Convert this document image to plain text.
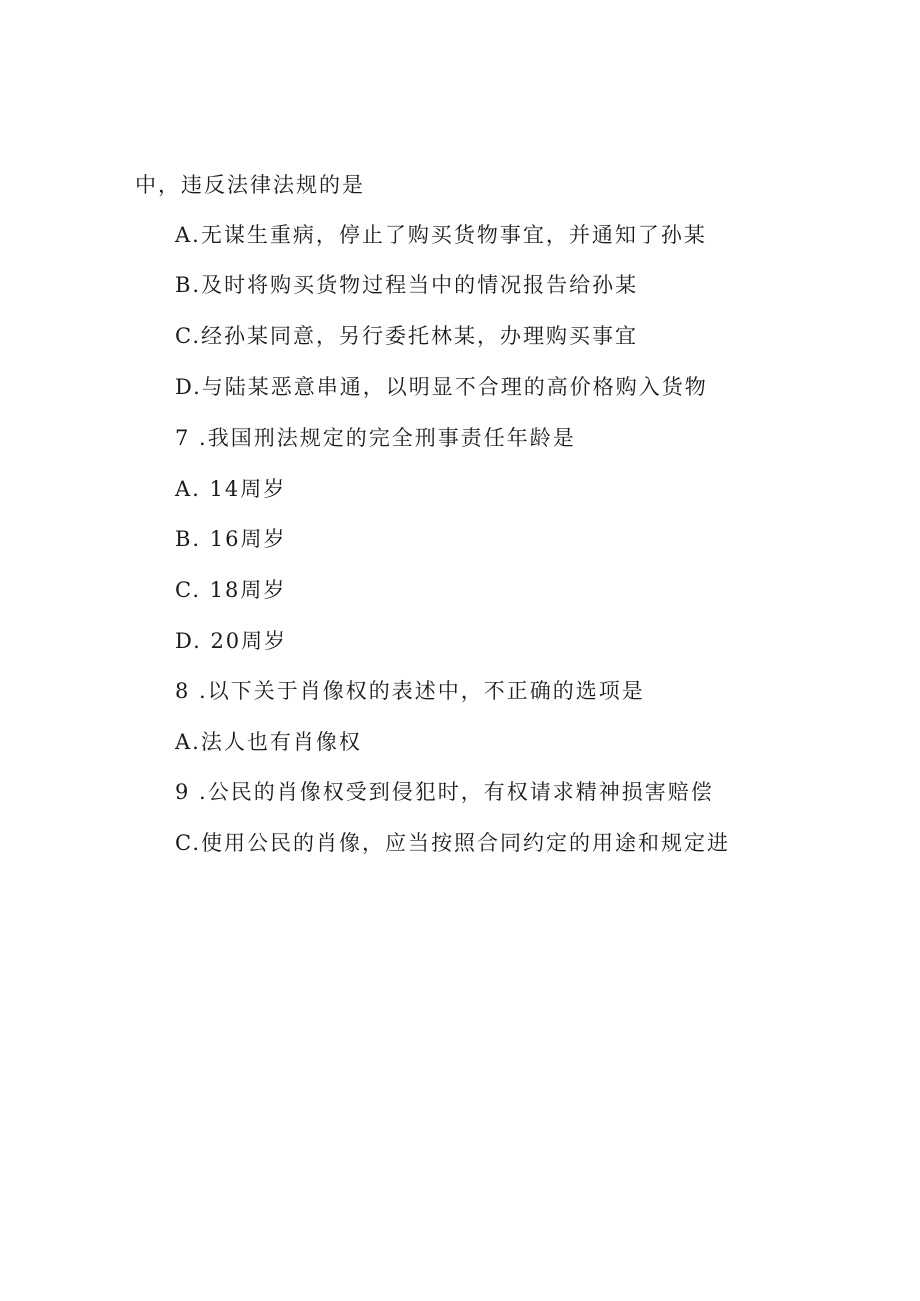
中，违反法律法规的是
A.无谋生重病，停止了购买货物事宜，并通知了孙某
B.及时将购买货物过程当中的情况报告给孙某
C.经孙某同意，另行委托林某，办理购买事宜
D.与陆某恶意串通，以明显不合理的高价格购入货物
7 .我国刑法规定的完全刑事责任年龄是
A. 14周岁
B. 16周岁
C. 18周岁
D. 20周岁
8 .以下关于肖像权的表述中，不正确的选项是
A.法人也有肖像权
9 .公民的肖像权受到侵犯时，有权请求精神损害赔偿
C.使用公民的肖像，应当按照合同约定的用途和规定进
